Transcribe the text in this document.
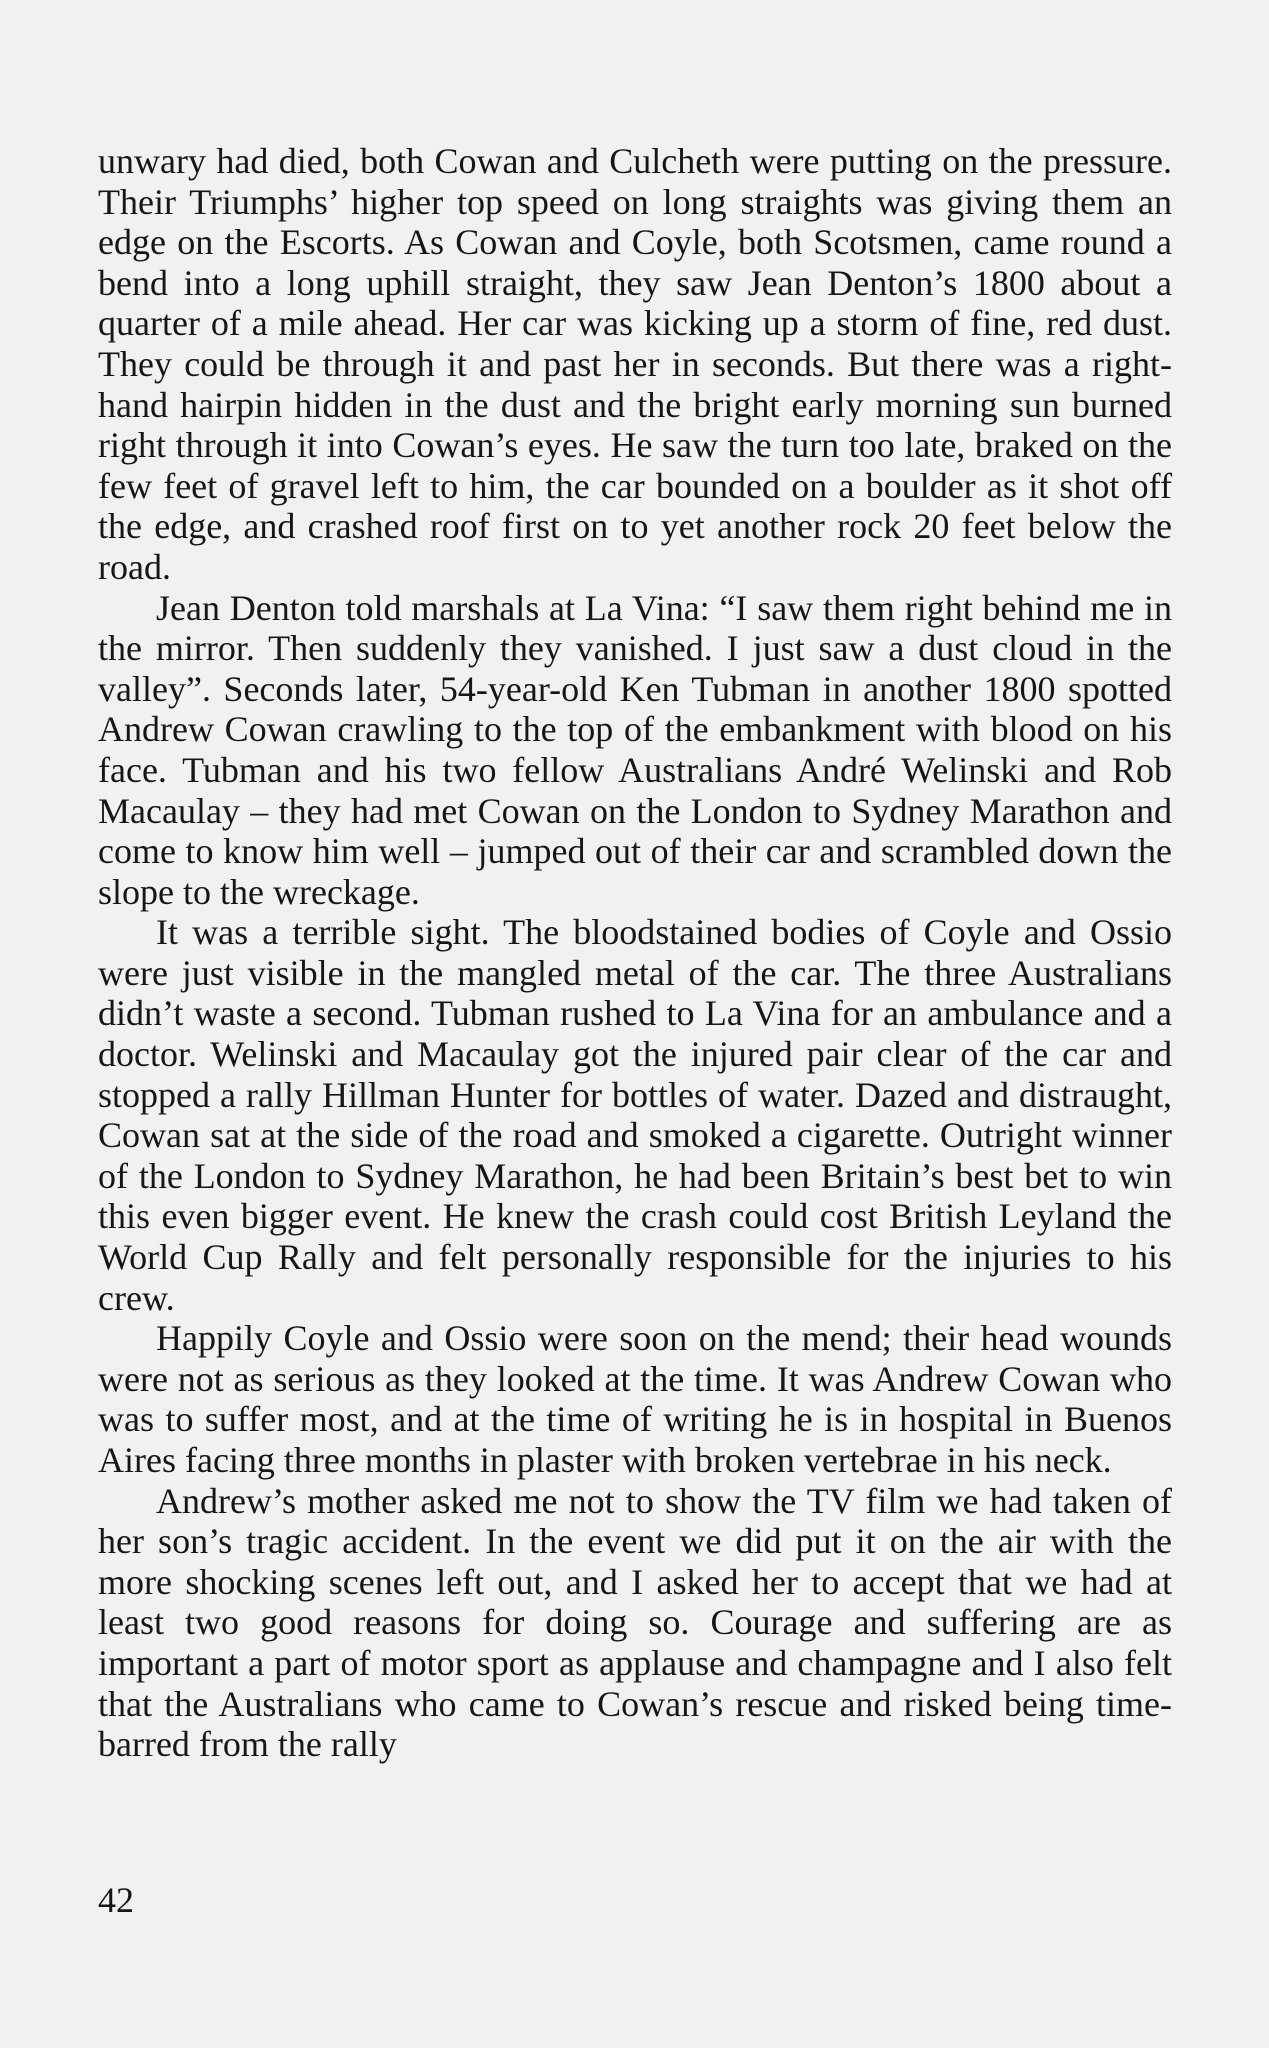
unwary had died, both Cowan and Culcheth were putting on the pressure. Their Triumphs’ higher top speed on long straights was giving them an edge on the Escorts. As Cowan and Coyle, both Scotsmen, came round a bend into a long uphill straight, they saw Jean Denton’s 1800 about a quarter of a mile ahead. Her car was kicking up a storm of fine, red dust. They could be through it and past her in seconds. But there was a right-hand hairpin hidden in the dust and the bright early morning sun burned right through it into Cowan’s eyes. He saw the turn too late, braked on the few feet of gravel left to him, the car bounded on a boulder as it shot off the edge, and crashed roof first on to yet another rock 20 feet below the road.

Jean Denton told marshals at La Vina: “I saw them right behind me in the mirror. Then suddenly they vanished. I just saw a dust cloud in the valley”. Seconds later, 54-year-old Ken Tubman in another 1800 spotted Andrew Cowan crawling to the top of the embankment with blood on his face. Tubman and his two fellow Australians André Welinski and Rob Macaulay – they had met Cowan on the London to Sydney Marathon and come to know him well – jumped out of their car and scrambled down the slope to the wreckage.

It was a terrible sight. The bloodstained bodies of Coyle and Ossio were just visible in the mangled metal of the car. The three Australians didn’t waste a second. Tubman rushed to La Vina for an ambulance and a doctor. Welinski and Macaulay got the injured pair clear of the car and stopped a rally Hillman Hunter for bottles of water. Dazed and distraught, Cowan sat at the side of the road and smoked a cigarette. Outright winner of the London to Sydney Marathon, he had been Britain’s best bet to win this even bigger event. He knew the crash could cost British Leyland the World Cup Rally and felt personally responsible for the injuries to his crew.

Happily Coyle and Ossio were soon on the mend; their head wounds were not as serious as they looked at the time. It was Andrew Cowan who was to suffer most, and at the time of writing he is in hospital in Buenos Aires facing three months in plaster with broken vertebrae in his neck.

Andrew’s mother asked me not to show the TV film we had taken of her son’s tragic accident. In the event we did put it on the air with the more shocking scenes left out, and I asked her to accept that we had at least two good reasons for doing so. Courage and suffering are as important a part of motor sport as applause and champagne and I also felt that the Australians who came to Cowan’s rescue and risked being time-barred from the rally

42
